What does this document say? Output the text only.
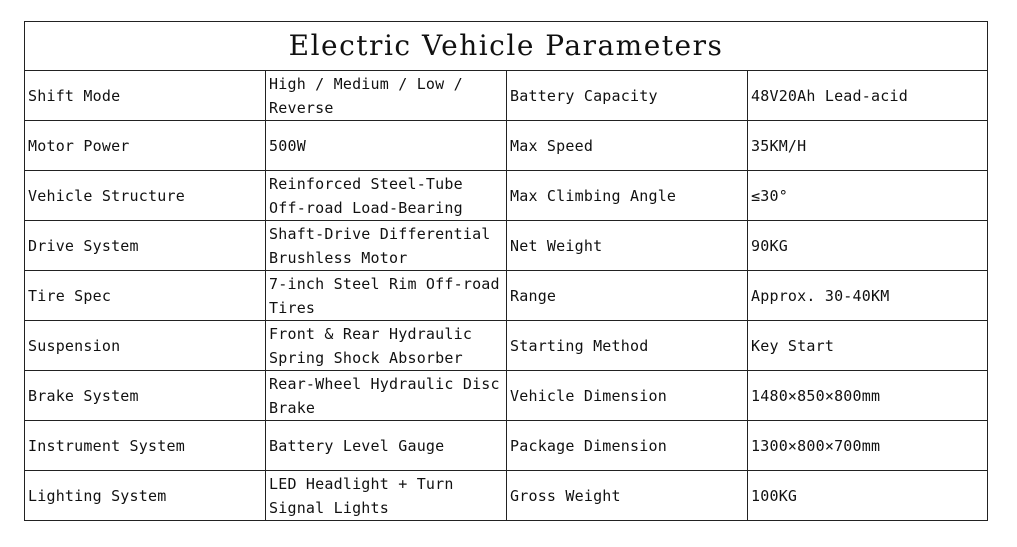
Electric Vehicle Parameters			
Shift Mode	High / Medium / Low / Reverse	Battery Capacity	48V20Ah Lead-acid
Motor Power	500W	Max Speed	35KM/H
Vehicle Structure	Reinforced Steel-Tube Off-road Load-Bearing	Max Climbing Angle	≤30°
Drive System	Shaft-Drive Differential Brushless Motor	Net Weight	90KG
Tire Spec	7-inch Steel Rim Off-road Tires	Range	Approx. 30-40KM
Suspension	Front & Rear Hydraulic Spring Shock Absorber	Starting Method	Key Start
Brake System	Rear-Wheel Hydraulic Disc Brake	Vehicle Dimension	1480×850×800mm
Instrument System	Battery Level Gauge	Package Dimension	1300×800×700mm
Lighting System	LED Headlight + Turn Signal Lights	Gross Weight	100KG
